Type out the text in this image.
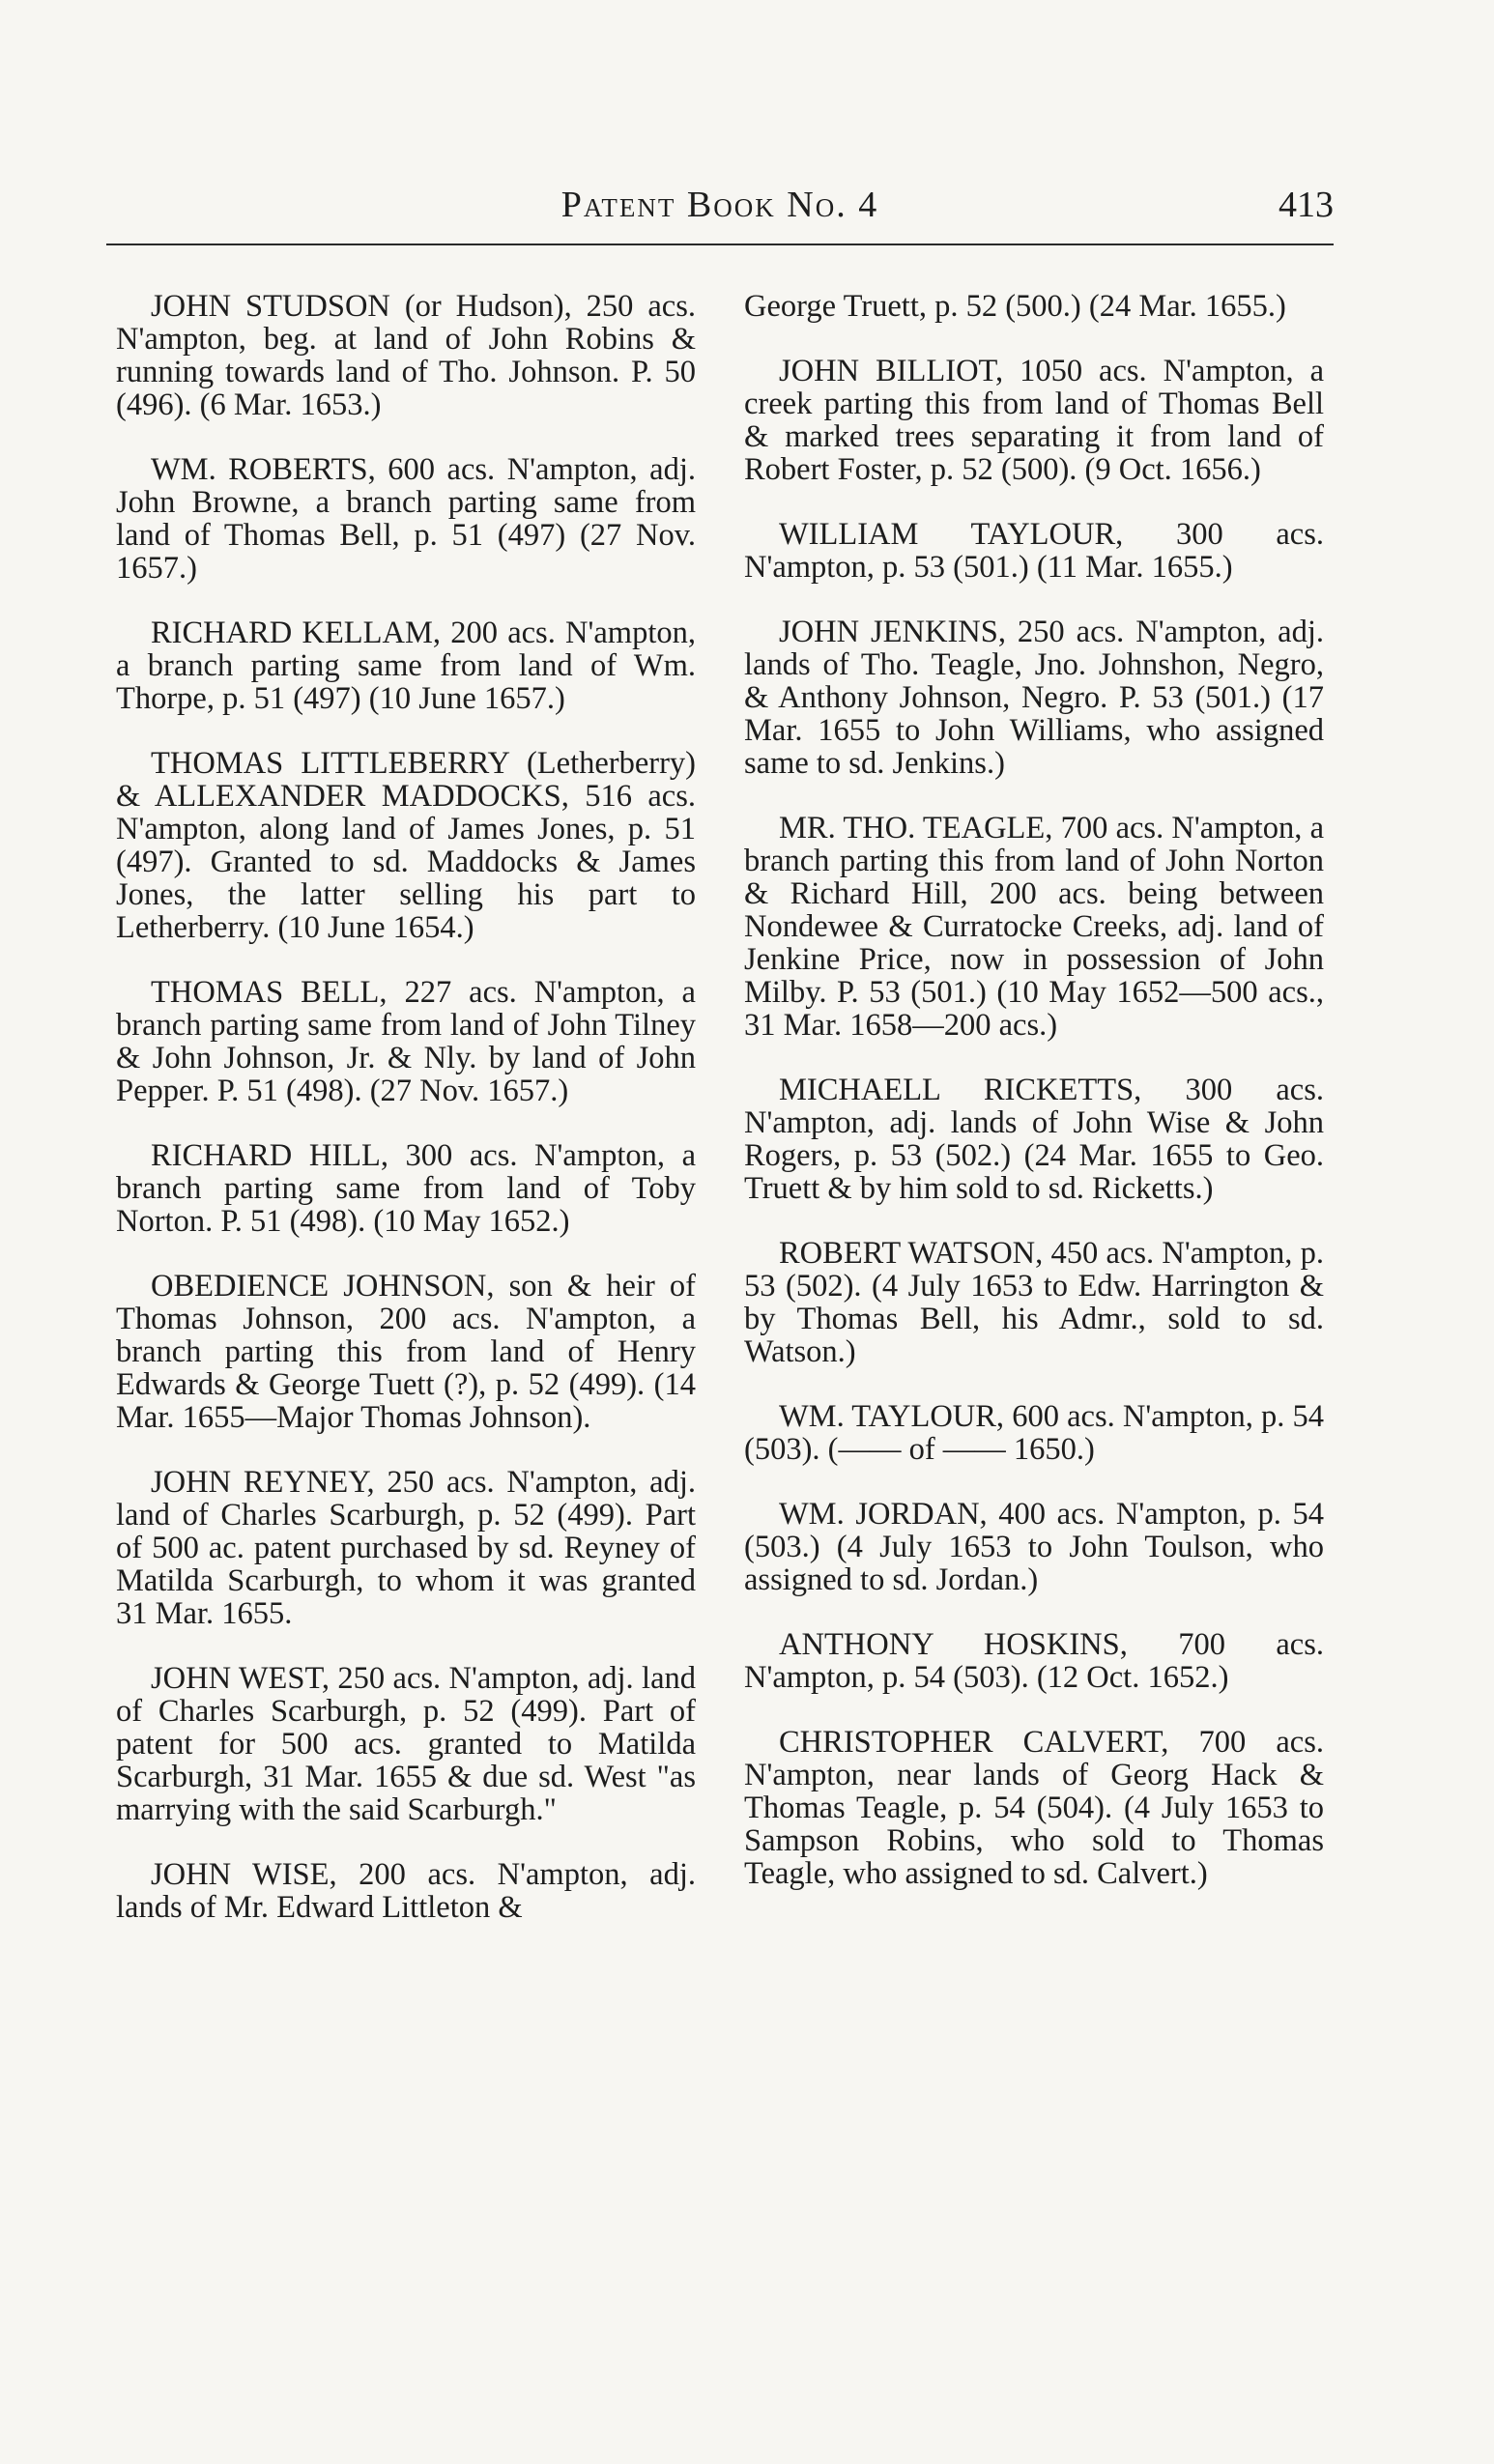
Patent Book No. 4	413

JOHN STUDSON (or Hudson), 250 acs. N'ampton, beg. at land of John Robins & running towards land of Tho. Johnson. P. 50 (496). (6 Mar. 1653.)

WM. ROBERTS, 600 acs. N'ampton, adj. John Browne, a branch parting same from land of Thomas Bell, p. 51 (497) (27 Nov. 1657.)

RICHARD KELLAM, 200 acs. N'ampton, a branch parting same from land of Wm. Thorpe, p. 51 (497) (10 June 1657.)

THOMAS LITTLEBERRY (Letherberry) & ALLEXANDER MADDOCKS, 516 acs. N'ampton, along land of James Jones, p. 51 (497). Granted to sd. Maddocks & James Jones, the latter selling his part to Letherberry. (10 June 1654.)

THOMAS BELL, 227 acs. N'ampton, a branch parting same from land of John Tilney & John Johnson, Jr. & Nly. by land of John Pepper. P. 51 (498). (27 Nov. 1657.)

RICHARD HILL, 300 acs. N'ampton, a branch parting same from land of Toby Norton. P. 51 (498). (10 May 1652.)

OBEDIENCE JOHNSON, son & heir of Thomas Johnson, 200 acs. N'ampton, a branch parting this from land of Henry Edwards & George Tuett (?), p. 52 (499). (14 Mar. 1655—Major Thomas Johnson).

JOHN REYNEY, 250 acs. N'ampton, adj. land of Charles Scarburgh, p. 52 (499). Part of 500 ac. patent purchased by sd. Reyney of Matilda Scarburgh, to whom it was granted 31 Mar. 1655.

JOHN WEST, 250 acs. N'ampton, adj. land of Charles Scarburgh, p. 52 (499). Part of patent for 500 acs. granted to Matilda Scarburgh, 31 Mar. 1655 & due sd. West "as marrying with the said Scarburgh."

JOHN WISE, 200 acs. N'ampton, adj. lands of Mr. Edward Littleton &

George Truett, p. 52 (500.) (24 Mar. 1655.)

JOHN BILLIOT, 1050 acs. N'ampton, a creek parting this from land of Thomas Bell & marked trees separating it from land of Robert Foster, p. 52 (500). (9 Oct. 1656.)

WILLIAM TAYLOUR, 300 acs. N'ampton, p. 53 (501.) (11 Mar. 1655.)

JOHN JENKINS, 250 acs. N'ampton, adj. lands of Tho. Teagle, Jno. Johnshon, Negro, & Anthony Johnson, Negro. P. 53 (501.) (17 Mar. 1655 to John Williams, who assigned same to sd. Jenkins.)

MR. THO. TEAGLE, 700 acs. N'ampton, a branch parting this from land of John Norton & Richard Hill, 200 acs. being between Nondewee & Curratocke Creeks, adj. land of Jenkine Price, now in possession of John Milby. P. 53 (501.) (10 May 1652—500 acs., 31 Mar. 1658—200 acs.)

MICHAELL RICKETTS, 300 acs. N'ampton, adj. lands of John Wise & John Rogers, p. 53 (502.) (24 Mar. 1655 to Geo. Truett & by him sold to sd. Ricketts.)

ROBERT WATSON, 450 acs. N'ampton, p. 53 (502). (4 July 1653 to Edw. Harrington & by Thomas Bell, his Admr., sold to sd. Watson.)

WM. TAYLOUR, 600 acs. N'ampton, p. 54 (503). (—— of —— 1650.)

WM. JORDAN, 400 acs. N'ampton, p. 54 (503.) (4 July 1653 to John Toulson, who assigned to sd. Jordan.)

ANTHONY HOSKINS, 700 acs. N'ampton, p. 54 (503). (12 Oct. 1652.)

CHRISTOPHER CALVERT, 700 acs. N'ampton, near lands of Georg Hack & Thomas Teagle, p. 54 (504). (4 July 1653 to Sampson Robins, who sold to Thomas Teagle, who assigned to sd. Calvert.)
